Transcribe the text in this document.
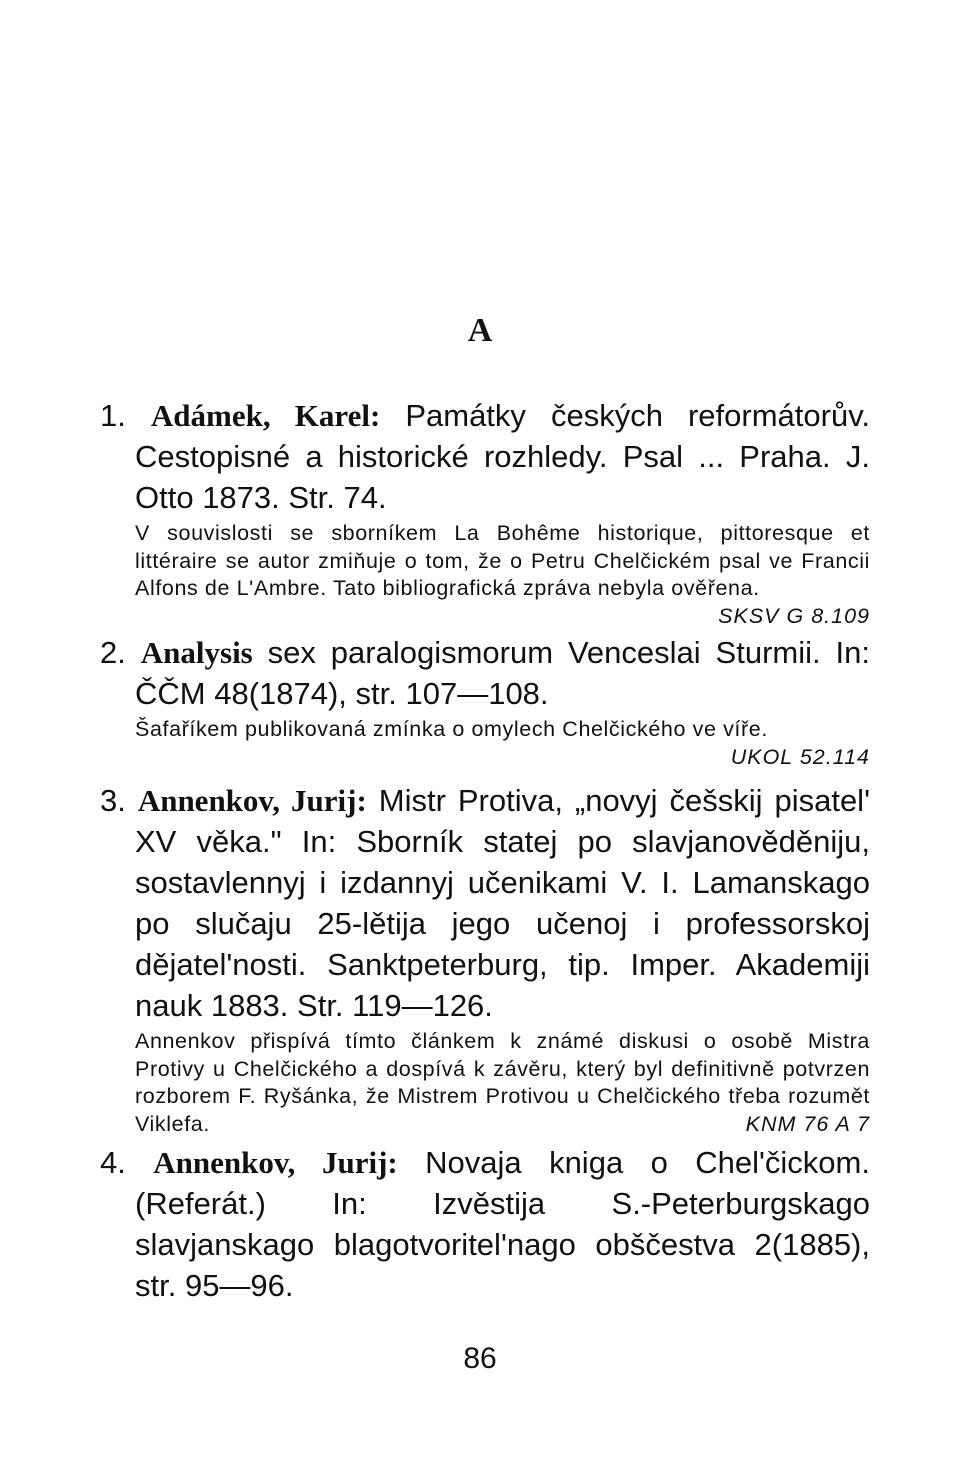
A

1. Adámek, Karel: Památky českých reformátorův. Cestopisné a historické rozhledy. Psal ... Praha. J. Otto 1873. Str. 74.

V souvislosti se sborníkem La Bohême historique, pittoresque et littéraire se autor zmiňuje o tom, že o Petru Chelčickém psal ve Francii Alfons de L'Ambre. Tato bibliografická zpráva nebyla ověřena.

SKSV G 8.109

2. Analysis sex paralogismorum Venceslai Sturmii. In: ČČM 48(1874), str. 107—108.

Šafaříkem publikovaná zmínka o omylech Chelčického ve víře.

UKOL 52.114

3. Annenkov, Jurij: Mistr Protiva, „novyj češskij pisatel' XV věka." In: Sborník statej po slavjanověděniju, sostavlennyj i izdannyj učenikami V. I. Lamanskago po slučaju 25-lětija jego učenoj i professorskoj dějatel'nosti. Sanktpeterburg, tip. Imper. Akademiji nauk 1883. Str. 119—126.

Annenkov přispívá tímto článkem k známé diskusi o osobě Mistra Protivy u Chelčického a dospívá k závěru, který byl definitivně potvrzen rozborem F. Ryšánka, že Mistrem Protivou u Chelčického třeba rozumět Viklefa.	KNM 76 A 7

4. Annenkov, Jurij: Novaja kniga o Chel'čickom. (Referát.) In: Izvěstija S.-Peterburgskago slavjanskago blagotvoritel'nago obščestva 2(1885), str. 95—96.

86
